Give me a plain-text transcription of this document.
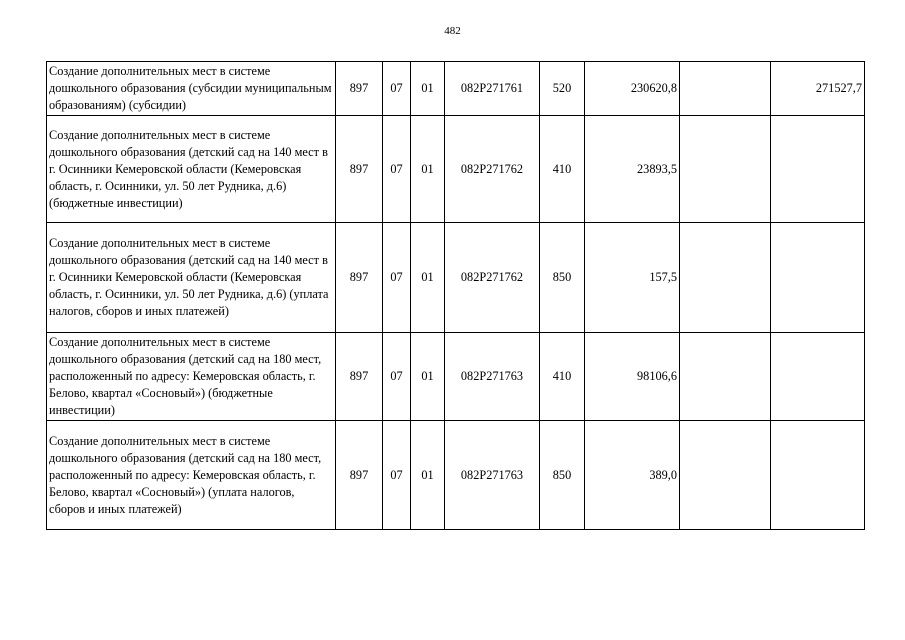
482
Создание дополнительных мест в системе дошкольного образования (субсидии муниципальным образованиям) (субсидии)	897	07	01	082P271761	520	230620,8		271527,7
Создание дополнительных мест в системе дошкольного образования (детский сад на 140 мест в г. Осинники Кемеровской области (Кемеровская область, г. Осинники, ул. 50 лет Рудника, д.6) (бюджетные инвестиции)	897	07	01	082P271762	410	23893,5		
Создание дополнительных мест в системе дошкольного образования (детский сад на 140 мест в г. Осинники Кемеровской области (Кемеровская область, г. Осинники, ул. 50 лет Рудника, д.6) (уплата налогов, сборов и иных платежей)	897	07	01	082P271762	850	157,5		
Создание дополнительных мест в системе дошкольного образования (детский сад на 180 мест, расположенный по адресу: Кемеровская область, г. Белово, квартал «Сосновый») (бюджетные инвестиции)	897	07	01	082P271763	410	98106,6		
Создание дополнительных мест в системе дошкольного образования (детский сад на 180 мест, расположенный по адресу: Кемеровская область, г. Белово, квартал «Сосновый») (уплата налогов, сборов и иных платежей)	897	07	01	082P271763	850	389,0		
